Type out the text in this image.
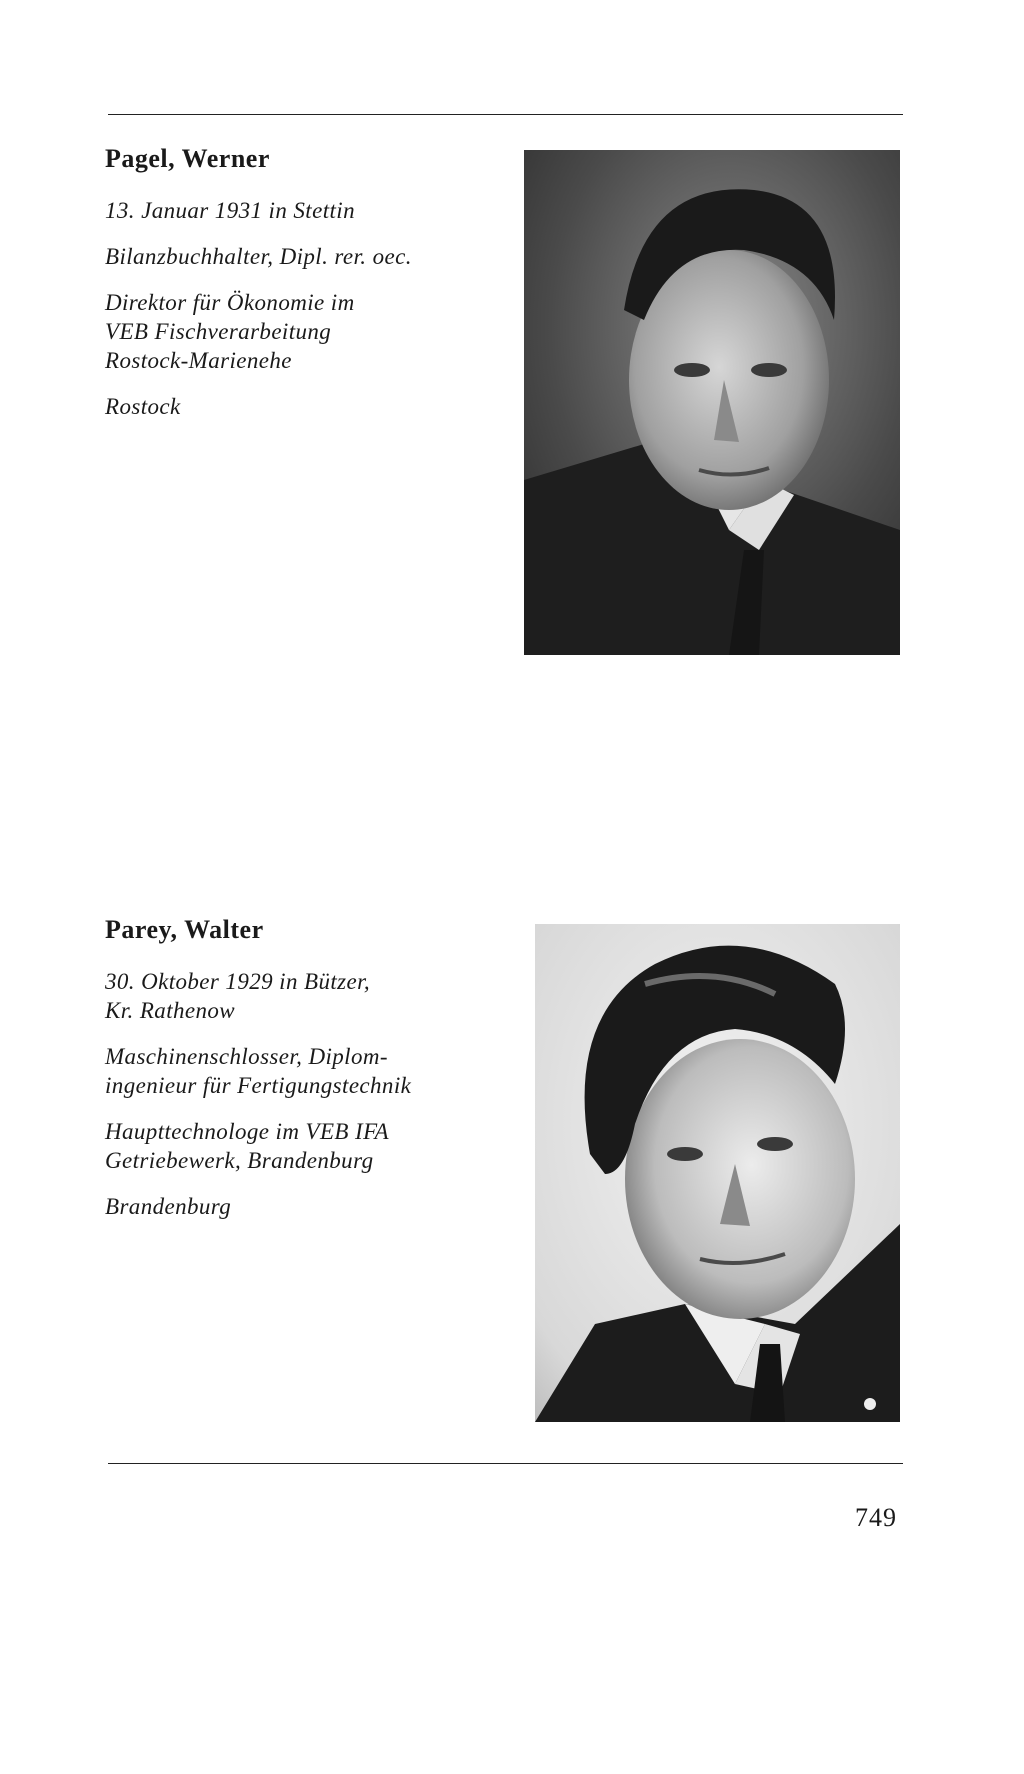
Pagel, Werner
13. Januar 1931 in Stettin
Bilanzbuchhalter, Dipl. rer. oec.
Direktor für Ökonomie im
VEB Fischverarbeitung
Rostock-Marienehe
Rostock
Parey, Walter
30. Oktober 1929 in Bützer,
Kr. Rathenow
Maschinenschlosser, Diplom-
ingenieur für Fertigungstechnik
Haupttechnologe im VEB IFA
Getriebewerk, Brandenburg
Brandenburg
749
